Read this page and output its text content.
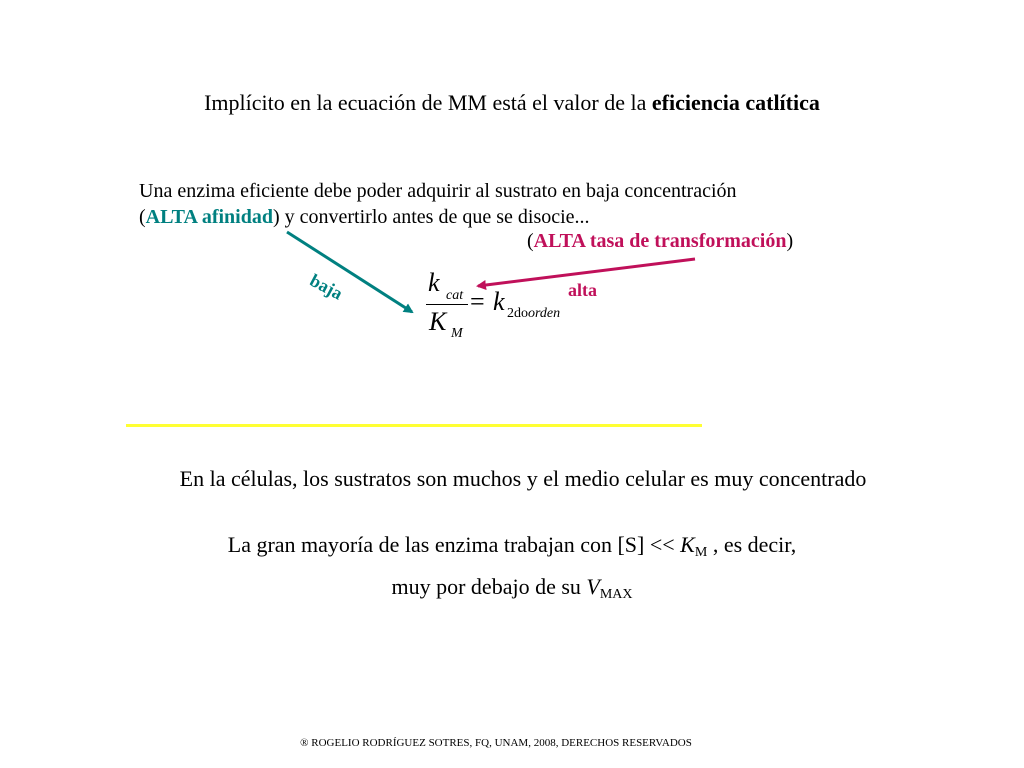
Implícito en la ecuación de MM está el valor de la eficiencia catlítica
Una enzima eficiente debe poder adquirir al sustrato en baja concentración
(ALTA afinidad) y convertirlo antes de que se disocie...
(ALTA tasa de transformación)
baja	alta
k cat
K M
= k 2doorden
En la células, los sustratos son muchos y el medio celular es muy concentrado
La gran mayoría de las enzima trabajan con [S] << KM , es decir,
muy por debajo de su VMAX
® ROGELIO RODRÍGUEZ SOTRES, FQ, UNAM, 2008, DERECHOS RESERVADOS
